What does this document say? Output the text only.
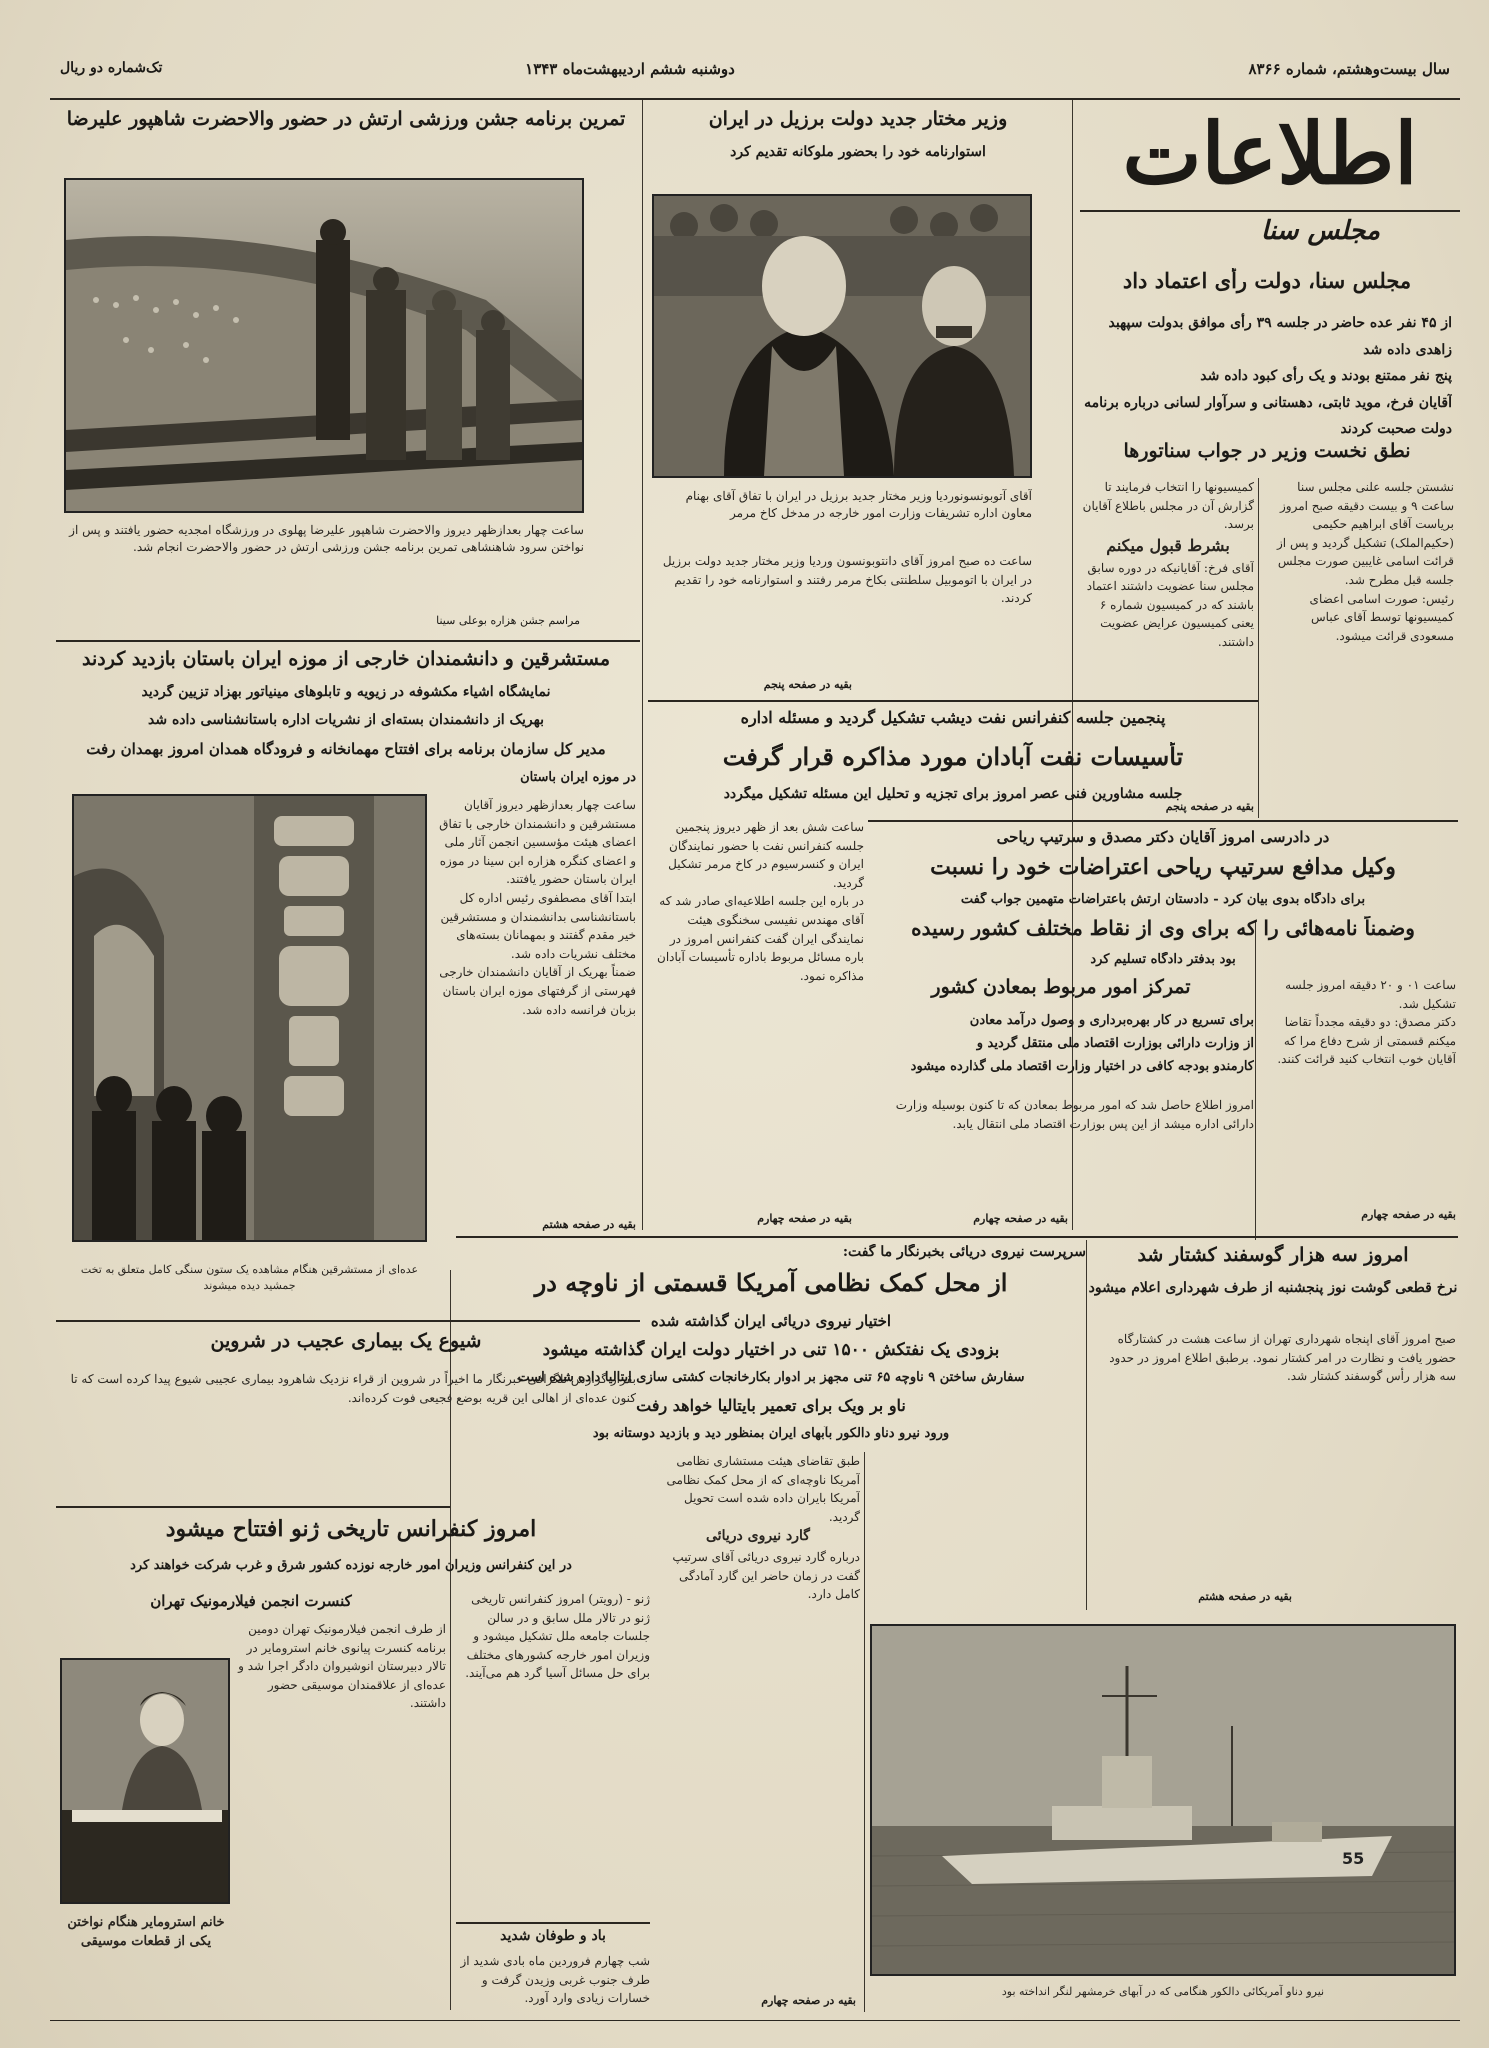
سال بیست‌وهشتم، شماره ۸۳۶۶
دوشنبه ششم اردیبهشت‌ماه ۱۳۴۳
تک‌شماره دو ریال
اطلاعات
مجلس سنا
مجلس سنا، دولت رأی اعتماد داد
از ۴۵ نفر عده حاضر در جلسه ۳۹ رأی موافق بدولت سپهبد زاهدی داده شد
پنج نفر ممتنع بودند و یک رأی کبود داده شد
آقایان فرخ، موید ثابتی، دهستانی و سرآوار لسانی درباره برنامه دولت صحبت کردند
نطق نخست وزیر در جواب سناتورها
نشستن جلسه علنی مجلس سنا ساعت ۹ و بیست دقیقه صبح امروز بریاست آقای ابراهیم حکیمی (حکیم‌الملک) تشکیل گردید و پس از قرائت اسامی غایبین صورت مجلس جلسه قبل مطرح شد.
رئیس: صورت اسامی اعضای کمیسیونها توسط آقای عباس مسعودی قرائت میشود.
کمیسیونها را انتخاب فرمایند تا گزارش آن در مجلس باطلاع آقایان برسد.
بشرط قبول میکنم
آقای فرخ: آقایانیکه در دوره سابق مجلس سنا عضویت داشتند اعتماد باشند که در کمیسیون شماره ۶ یعنی کمیسیون عرایض عضویت داشتند.
بقیه در صفحه پنجم
تمرین برنامه جشن ورزشی ارتش در حضور والاحضرت شاهپور علیرضا
ساعت چهار بعدازظهر دیروز والاحضرت شاهپور علیرضا پهلوی در ورزشگاه امجدیه حضور یافتند و پس از نواختن سرود شاهنشاهی تمرین برنامه جشن ورزشی ارتش در حضور والاحضرت انجام شد.
مراسم جشن هزاره بوعلی سینا
وزیر مختار جدید دولت برزیل در ایران
استوارنامه خود را بحضور ملوکانه تقدیم کرد
آقای آتوبونسونوردیا وزیر مختار جدید برزیل در ایران با تفاق آقای بهنام معاون اداره تشریفات وزارت امور خارجه در مدخل کاخ مرمر
ساعت ده صبح امروز آقای دانتوبونسون وردیا وزیر مختار جدید دولت برزیل در ایران با اتوموبیل سلطنتی بکاخ مرمر رفتند و استوارنامه خود را تقدیم کردند.
بقیه در صفحه پنجم
مستشرقین و دانشمندان خارجی از موزه ایران باستان بازدید کردند
نمایشگاه اشیاء مکشوفه در زیویه و تابلوهای مینیاتور بهزاد تزیین گردید
بهریک از دانشمندان بسته‌ای از نشریات اداره باستانشناسی داده شد
مدیر کل سازمان برنامه برای افتتاح مهمانخانه و فرودگاه همدان امروز بهمدان رفت
در موزه ایران باستان
ساعت چهار بعدازظهر دیروز آقایان مستشرقین و دانشمندان خارجی با تفاق اعضای هیئت مؤسسین انجمن آثار ملی و اعضای کنگره هزاره ابن سینا در موزه ایران باستان حضور یافتند.
ابتدا آقای مصطفوی رئیس اداره کل باستانشناسی بدانشمندان و مستشرقین خیر مقدم گفتند و بمهمانان بسته‌های مختلف نشریات داده شد.
ضمناً بهریک از آقایان دانشمندان خارجی فهرستی از گرفتهای موزه ایران باستان بزبان فرانسه داده شد.
بقیه در صفحه هشتم
عده‌ای از مستشرقین هنگام مشاهده یک ستون سنگی کامل متعلق به تخت جمشید دیده میشوند
پنجمین جلسه کنفرانس نفت دیشب تشکیل گردید و مسئله اداره
تأسیسات نفت آبادان مورد مذاکره قرار گرفت
جلسه مشاورین فنی عصر امروز برای تجزیه و تحلیل این مسئله تشکیل میگردد
ساعت شش بعد از ظهر دیروز پنجمین جلسه کنفرانس نفت با حضور نمایندگان ایران و کنسرسیوم در کاخ مرمر تشکیل گردید.
در باره این جلسه اطلاعیه‌ای صادر شد که آقای مهندس نفیسی سخنگوی هیئت نمایندگی ایران گفت کنفرانس امروز در باره مسائل مربوط باداره تأسیسات آبادان مذاکره نمود.
بقیه در صفحه چهارم
در دادرسی امروز آقایان دکتر مصدق و سرتیپ ریاحی
وکیل مدافع سرتیپ ریاحی اعتراضات خود را نسبت
برای دادگاه بدوی بیان کرد - دادستان ارتش باعتراضات متهمین جواب گفت
وضمناً نامه‌هائی را که برای وی از نقاط مختلف کشور رسیده
بود بدفتر دادگاه تسلیم کرد
ساعت ۰۱ و ۲۰ دقیقه امروز جلسه تشکیل شد.
دکتر مصدق: دو دقیقه مجدداً تقاضا میکنم قسمتی از شرح دفاع مرا که آقایان خوب انتخاب کنید قرائت کنند.
بقیه در صفحه چهارم
تمرکز امور مربوط بمعادن کشور
برای تسریع در کار بهره‌برداری و وصول درآمد معادن
از وزارت دارائی بوزارت اقتصاد ملی منتقل گردید و
کارمندو بودجه کافی در اختیار وزارت اقتصاد ملی گذارده میشود
امروز اطلاع حاصل شد که امور مربوط بمعادن که تا کنون بوسیله وزارت دارائی اداره میشد از این پس بوزارت اقتصاد ملی انتقال یابد.
بقیه در صفحه چهارم
شیوع یک بیماری عجیب در شروین
بقرار گزارش تلگرافی خبرنگار ما اخیراً در شروین از قراء نزدیک شاهرود بیماری عجیبی شیوع پیدا کرده است که تا کنون عده‌ای از اهالی این قریه بوضع فجیعی فوت کرده‌اند.
سرپرست نیروی دریائی بخبرنگار ما گفت:
از محل کمک نظامی آمریکا قسمتی از ناوچه در
اختیار نیروی دریائی ایران گذاشته شده
بزودی یک نفتکش ۱۵۰۰ تنی در اختیار دولت ایران گذاشته میشود
سفارش ساختن ۹ ناوچه ۶۵ تنی مجهز بر ادوار بکارخانجات کشتی سازی ایتالیا داده شده است
ناو بر ویک برای تعمیر بایتالیا خواهد رفت
ورود نیرو دناو دالکور بآبهای ایران بمنظور دید و بازدید دوستانه بود
طبق تقاضای هیئت مستشاری نظامی آمریکا ناوچه‌ای که از محل کمک نظامی آمریکا بایران داده شده است تحویل گردید.
گارد نیروی دریائی
درباره گارد نیروی دریائی آقای سرتیپ گفت در زمان حاضر این گارد آمادگی کامل دارد.
بقیه در صفحه چهارم
55
نیرو دناو آمریکائی دالکور هنگامی که در آبهای خرمشهر لنگر انداخته بود
امروز سه هزار گوسفند کشتار شد
نرخ قطعی گوشت نوز پنجشنبه از طرف شهرداری اعلام میشود
صبح امروز آقای اپنجاه شهرداری تهران از ساعت هشت در کشتارگاه حضور یافت و نظارت در امر کشتار نمود. برطبق اطلاع امروز در حدود سه هزار رأس گوسفند کشتار شد.
بقیه در صفحه هشتم
امروز کنفرانس تاریخی ژنو افتتاح میشود
در این کنفرانس وزیران امور خارجه نوزده کشور شرق و غرب شرکت خواهند کرد
ژنو - (رویتر) امروز کنفرانس تاریخی ژنو در تالار ملل سابق و در سالن جلسات جامعه ملل تشکیل میشود و وزیران امور خارجه کشورهای مختلف برای حل مسائل آسیا گرد هم می‌آیند.
باد و طوفان شدید
شب چهارم فروردین ماه بادی شدید از طرف جنوب غربی وزیدن گرفت و خسارات زیادی وارد آورد.
کنسرت انجمن فیلارمونیک تهران
از طرف انجمن فیلارمونیک تهران دومین برنامه کنسرت پیانوی خانم استرومایر در تالار دبیرستان انوشیروان دادگر اجرا شد و عده‌ای از علاقمندان موسیقی حضور داشتند.
خانم استرومایر هنگام نواختن یکی از قطعات موسیقی
